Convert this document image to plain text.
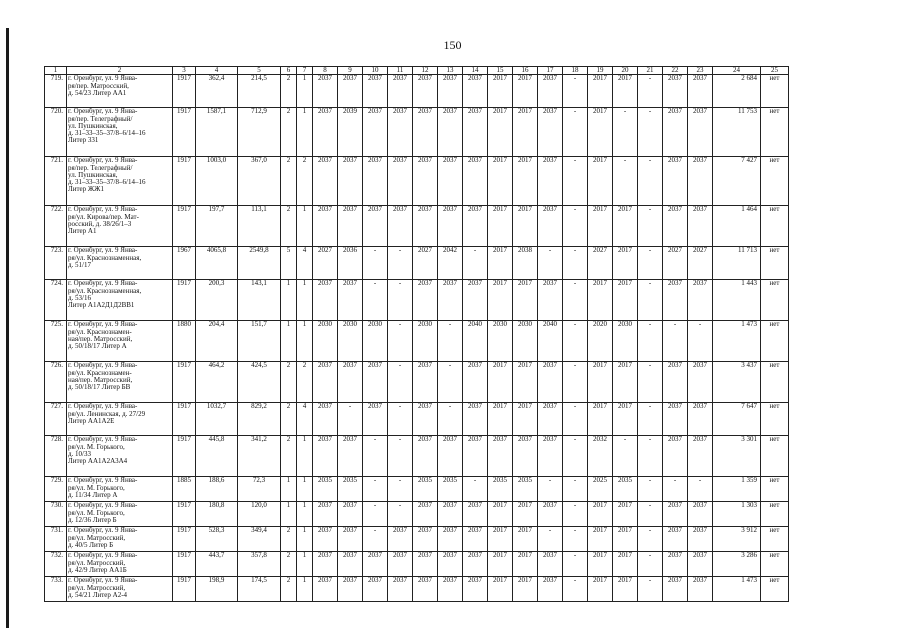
150
1	2	3	4	5	6	7	8	9	10	11	12	13	14	15	16	17	18	19	20	21	22	23	24	25
719.	г. Оренбург, ул. 9 Янва-
ря/пер. Матросский,
д. 54/23 Литер АА1	1917	362,4	214,5	2	1	2037	2037	2037	2037	2037	2037	2037	2017	2017	2037	-	2017	2017	-	2037	2037	2 684	нет
720.	г. Оренбург, ул. 9 Янва-
ря/пер. Телеграфный/
ул. Пушкинская,
д. 31–33–35–37/8–6/14–16
Литер 331	1917	1587,1	712,9	2	1	2037	2039	2037	2037	2037	2037	2037	2017	2017	2037	-	2017	-	-	2037	2037	11 753	нет
721.	г. Оренбург, ул. 9 Янва-
ря/пер. Телеграфный/
ул. Пушкинская,
д. 31–33–35–37/8–6/14–16
Литер ЖЖ1	1917	1003,0	367,0	2	2	2037	2037	2037	2037	2037	2037	2037	2017	2017	2037	-	2017	-	-	2037	2037	7 427	нет
722.	г. Оренбург, ул. 9 Янва-
ря/ул. Кирова/пер. Мат-
росский, д. 38/26/1–3
Литер А1	1917	197,7	113,1	2	1	2037	2037	2037	2037	2037	2037	2037	2017	2017	2037	-	2017	2017	-	2037	2037	1 464	нет
723.	г. Оренбург, ул. 9 Янва-
ря/ул. Краснознаменная,
д. 51/17	1967	4065,8	2549,8	5	4	2027	2036	-	-	2027	2042	-	2017	2038	-	-	2027	2017	-	2027	2027	11 713	нет
724.	г. Оренбург, ул. 9 Янва-
ря/ул. Краснознаменная,
д. 53/16
Литер А1А2Д1Д2ВВ1	1917	200,3	143,1	1	1	2037	2037	-	-	2037	2037	2037	2017	2017	2037	-	2017	2017	-	2037	2037	1 443	нет
725.	г. Оренбург, ул. 9 Янва-
ря/ул. Краснознамен-
ная/пер. Матросский,
д. 50/18/17 Литер А	1880	204,4	151,7	1	1	2030	2030	2030	-	2030	-	2040	2030	2030	2040	-	2020	2030	-	-	-	1 473	нет
726.	г. Оренбург, ул. 9 Янва-
ря/ул. Краснознамен-
ная/пер. Матросский,
д. 50/18/17 Литер БВ	1917	464,2	424,5	2	2	2037	2037	2037	-	2037	-	2037	2017	2017	2037	-	2017	2017	-	2037	2037	3 437	нет
727.	г. Оренбург, ул. 9 Янва-
ря/ул. Ленинская, д. 27/29
Литер АА1А2Е	1917	1032,7	829,2	2	4	2037	-	2037	-	2037	-	2037	2017	2017	2037	-	2017	2017	-	2037	2037	7 647	нет
728.	г. Оренбург, ул. 9 Янва-
ря/ул. М. Горького,
д. 10/33
Литер АА1А2А3А4	1917	445,8	341,2	2	1	2037	2037	-	-	2037	2037	2037	2037	2037	2037	-	2032	-	-	2037	2037	3 301	нет
729.	г. Оренбург, ул. 9 Янва-
ря/ул. М. Горького,
д. 11/34 Литер А	1885	188,6	72,3	1	1	2035	2035	-	-	2035	2035	-	2035	2035	-	-	2025	2035	-	-	-	1 359	нет
730.	г. Оренбург, ул. 9 Янва-
ря/ул. М. Горького,
д. 12/36 Литер Б	1917	180,8	120,0	1	1	2037	2037	-	-	2037	2037	2037	2017	2017	2037	-	2017	2017	-	2037	2037	1 303	нет
731.	г. Оренбург, ул. 9 Янва-
ря/ул. Матросский,
д. 40/5 Литер Б	1917	528,3	349,4	2	1	2037	2037	-	2037	2037	2037	2037	2017	2017	-	-	2017	2017	-	2037	2037	3 912	нет
732.	г. Оренбург, ул. 9 Янва-
ря/ул. Матросский,
д. 42/9 Литер АА1Б	1917	443,7	357,8	2	1	2037	2037	2037	2037	2037	2037	2037	2017	2017	2037	-	2017	2017	-	2037	2037	3 286	нет
733.	г. Оренбург, ул. 9 Янва-
ря/ул. Матросский,
д. 54/21 Литер А2-4	1917	198,9	174,5	2	1	2037	2037	2037	2037	2037	2037	2037	2017	2017	2037	-	2017	2017	-	2037	2037	1 473	нет
